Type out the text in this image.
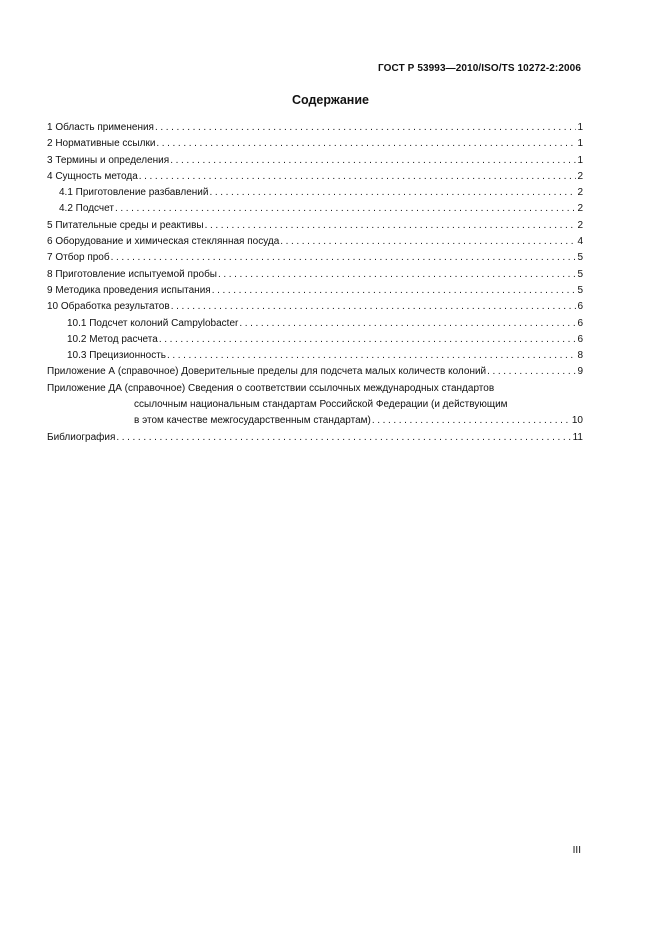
ГОСТ Р 53993—2010/ISO/TS 10272-2:2006
Содержание
1 Область применения .....	1
2 Нормативные ссылки .....	1
3 Термины и определения .....	1
4 Сущность метода .....	2
4.1 Приготовление разбавлений .....	2
4.2 Подсчет .....	2
5 Питательные среды и реактивы .....	2
6 Оборудование и химическая стеклянная посуда .....	4
7 Отбор проб .....	5
8 Приготовление испытуемой пробы .....	5
9 Методика проведения испытания .....	5
10 Обработка результатов .....	6
10.1 Подсчет колоний Campylobacter .....	6
10.2 Метод расчета .....	6
10.3 Прецизионность .....	8
Приложение А (справочное) Доверительные пределы для подсчета малых количеств колоний .....	9
Приложение ДА (справочное) Сведения о соответствии ссылочных международных стандартов
ссылочным национальным стандартам Российской Федерации (и действующим
в этом качестве межгосударственным стандартам) .....	10
Библиография .....	11
III
